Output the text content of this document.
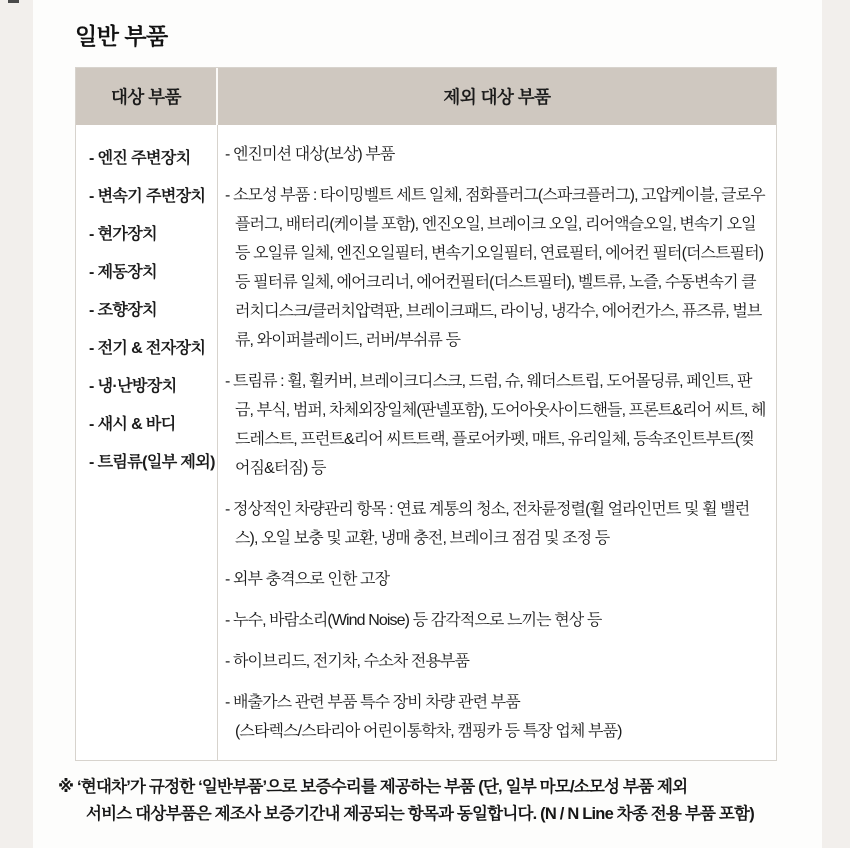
일반 부품
대상 부품	제외 대상 부품
- 엔진 주변장치
- 변속기 주변장치
- 현가장치
- 제동장치
- 조향장치
- 전기 & 전자장치
- 냉·난방장치
- 새시 & 바디
- 트림류(일부 제외)
- 엔진미션 대상(보상) 부품
- 소모성 부품 : 타이밍벨트 세트 일체, 점화플러그(스파크플러그), 고압케이블, 글로우플러그, 배터리(케이블 포함), 엔진오일, 브레이크 오일, 리어액슬오일, 변속기 오일 등 오일류 일체, 엔진오일필터, 변속기오일필터, 연료필터, 에어컨 필터(더스트필터) 등 필터류 일체, 에어크리너, 에어컨필터(더스트필터), 벨트류, 노즐, 수동변속기 클러치디스크/클러치압력판, 브레이크패드, 라이닝, 냉각수, 에어컨가스, 퓨즈류, 벌브류, 와이퍼블레이드, 러버/부쉬류 등
- 트림류 : 휠, 휠커버, 브레이크디스크, 드럼, 슈, 웨더스트립, 도어몰딩류, 페인트, 판금, 부식, 범퍼, 차체외장일체(판넬포함), 도어아웃사이드핸들, 프론트&리어 씨트, 헤드레스트, 프런트&리어 씨트트랙, 플로어카펫, 매트, 유리일체, 등속조인트부트(찢어짐&터짐) 등
- 정상적인 차량관리 항목 : 연료 계통의 청소, 전차륜정렬(휠 얼라인먼트 및 휠 밸런스), 오일 보충 및 교환, 냉매 충전, 브레이크 점검 및 조정 등
- 외부 충격으로 인한 고장
- 누수, 바람소리(Wind Noise) 등 감각적으로 느끼는 현상 등
- 하이브리드, 전기차, 수소차 전용부품
- 배출가스 관련 부품 특수 장비 차량 관련 부품
(스타렉스/스타리아 어린이통학차, 캠핑카 등 특장 업체 부품)
※ ‘현대차’가 규정한 ‘일반부품’으로 보증수리를 제공하는 부품 (단, 일부 마모/소모성 부품 제외
서비스 대상부품은 제조사 보증기간내 제공되는 항목과 동일합니다. (N / N Line 차종 전용 부품 포함)
